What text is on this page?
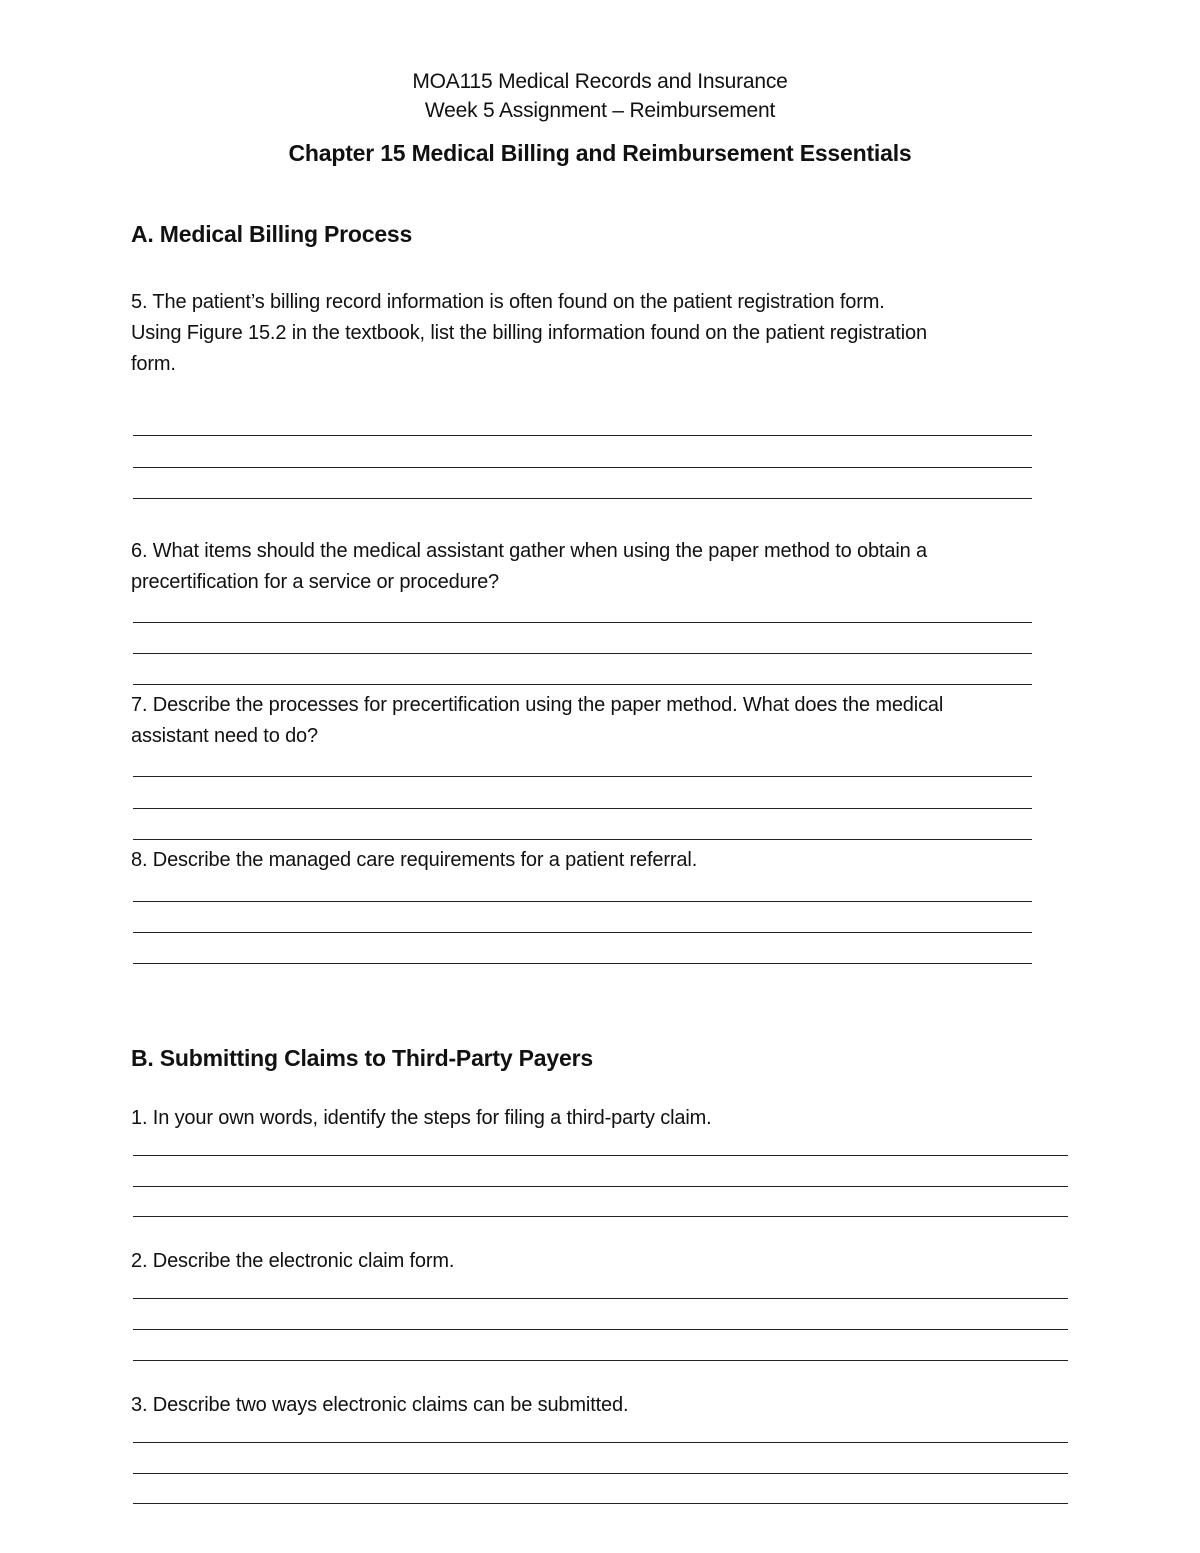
MOA115 Medical Records and Insurance
Week 5 Assignment – Reimbursement
Chapter 15 Medical Billing and Reimbursement Essentials
A. Medical Billing Process
5. The patient’s billing record information is often found on the patient registration form.
Using Figure 15.2 in the textbook, list the billing information found on the patient registration
form.
6. What items should the medical assistant gather when using the paper method to obtain a
precertification for a service or procedure?
7. Describe the processes for precertification using the paper method. What does the medical
assistant need to do?
8. Describe the managed care requirements for a patient referral.
B. Submitting Claims to Third-Party Payers
1. In your own words, identify the steps for filing a third-party claim.
2. Describe the electronic claim form.
3. Describe two ways electronic claims can be submitted.
